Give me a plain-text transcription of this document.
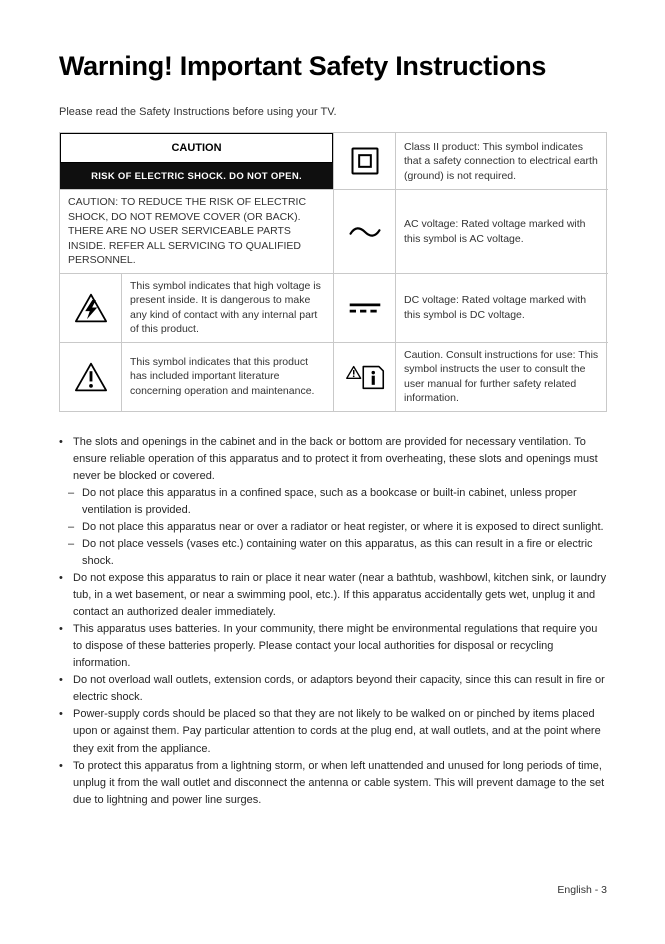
Warning! Important Safety Instructions

Please read the Safety Instructions before using your TV.

CAUTION
RISK OF ELECTRIC SHOCK. DO NOT OPEN.

Class II product: This symbol indicates that a safety connection to electrical earth (ground) is not required.

CAUTION: TO REDUCE THE RISK OF ELECTRIC SHOCK, DO NOT REMOVE COVER (OR BACK). THERE ARE NO USER SERVICEABLE PARTS INSIDE. REFER ALL SERVICING TO QUALIFIED PERSONNEL.

AC voltage: Rated voltage marked with this symbol is AC voltage.

This symbol indicates that high voltage is present inside. It is dangerous to make any kind of contact with any internal part of this product.

DC voltage: Rated voltage marked with this symbol is DC voltage.

This symbol indicates that this product has included important literature concerning operation and maintenance.

Caution. Consult instructions for use: This symbol instructs the user to consult the user manual for further safety related information.

• The slots and openings in the cabinet and in the back or bottom are provided for necessary ventilation. To ensure reliable operation of this apparatus and to protect it from overheating, these slots and openings must never be blocked or covered.
– Do not place this apparatus in a confined space, such as a bookcase or built-in cabinet, unless proper ventilation is provided.
– Do not place this apparatus near or over a radiator or heat register, or where it is exposed to direct sunlight.
– Do not place vessels (vases etc.) containing water on this apparatus, as this can result in a fire or electric shock.
• Do not expose this apparatus to rain or place it near water (near a bathtub, washbowl, kitchen sink, or laundry tub, in a wet basement, or near a swimming pool, etc.). If this apparatus accidentally gets wet, unplug it and contact an authorized dealer immediately.
• This apparatus uses batteries. In your community, there might be environmental regulations that require you to dispose of these batteries properly. Please contact your local authorities for disposal or recycling information.
• Do not overload wall outlets, extension cords, or adaptors beyond their capacity, since this can result in fire or electric shock.
• Power-supply cords should be placed so that they are not likely to be walked on or pinched by items placed upon or against them. Pay particular attention to cords at the plug end, at wall outlets, and at the point where they exit from the appliance.
• To protect this apparatus from a lightning storm, or when left unattended and unused for long periods of time, unplug it from the wall outlet and disconnect the antenna or cable system. This will prevent damage to the set due to lightning and power line surges.
English - 3
